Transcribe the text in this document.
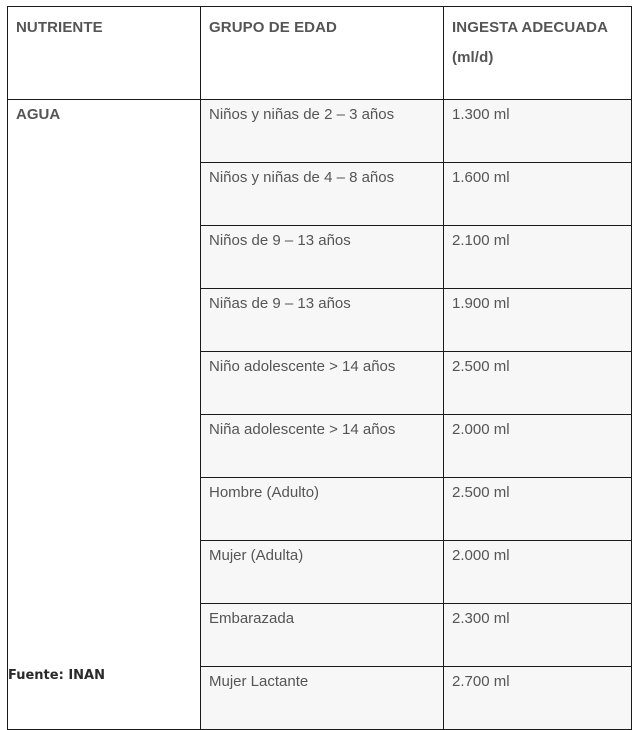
NUTRIENTE	GRUPO DE EDAD	INGESTA ADECUADA (ml/d)
AGUA	Niños y niñas de 2 – 3 años	1.300 ml
	Niños y niñas de 4 – 8 años	1.600 ml
	Niños de 9 – 13 años	2.100 ml
	Niñas de 9 – 13 años	1.900 ml
	Niño adolescente > 14 años	2.500 ml
	Niña adolescente > 14 años	2.000 ml
	Hombre (Adulto)	2.500 ml
	Mujer (Adulta)	2.000 ml
	Embarazada	2.300 ml
	Mujer Lactante	2.700 ml
Fuente: INAN
